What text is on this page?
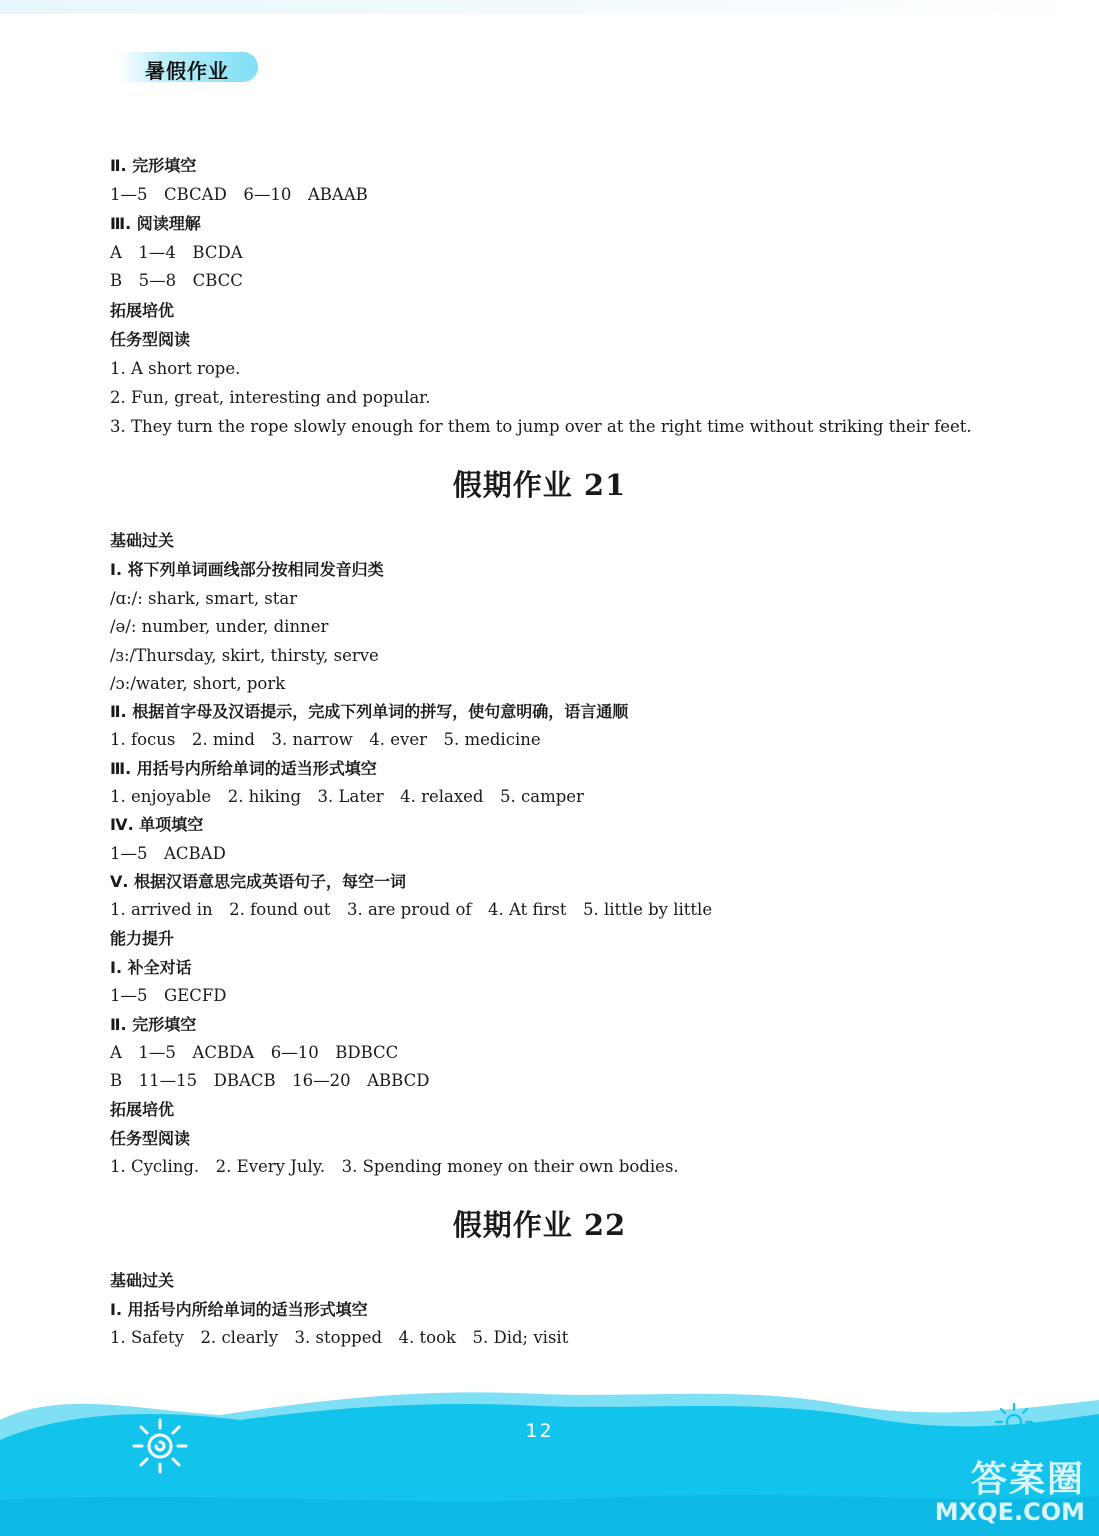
暑假作业
Ⅱ. 完形填空
1—5　CBCAD　6—10　ABAAB
Ⅲ. 阅读理解
A　1—4　BCDA
B　5—8　CBCC
拓展培优
任务型阅读
1. A short rope.
2. Fun, great, interesting and popular.
3. They turn the rope slowly enough for them to jump over at the right time without striking their feet.
假期作业 21
基础过关
Ⅰ. 将下列单词画线部分按相同发音归类
/ɑ:/: shark, smart, star
/ə/: number, under, dinner
/ɜ:/Thursday, skirt, thirsty, serve
/ɔ:/water, short, pork
Ⅱ. 根据首字母及汉语提示，完成下列单词的拼写，使句意明确，语言通顺
1. focus　2. mind　3. narrow　4. ever　5. medicine
Ⅲ. 用括号内所给单词的适当形式填空
1. enjoyable　2. hiking　3. Later　4. relaxed　5. camper
Ⅳ. 单项填空
1—5　ACBAD
Ⅴ. 根据汉语意思完成英语句子，每空一词
1. arrived in　2. found out　3. are proud of　4. At first　5. little by little
能力提升
Ⅰ. 补全对话
1—5　GECFD
Ⅱ. 完形填空
A　1—5　ACBDA　6—10　BDBCC
B　11—15　DBACB　16—20　ABBCD
拓展培优
任务型阅读
1. Cycling.　2. Every July.　3. Spending money on their own bodies.
假期作业 22
基础过关
Ⅰ. 用括号内所给单词的适当形式填空
1. Safety　2. clearly　3. stopped　4. took　5. Did; visit
12
答案圈
MXQE.COM
